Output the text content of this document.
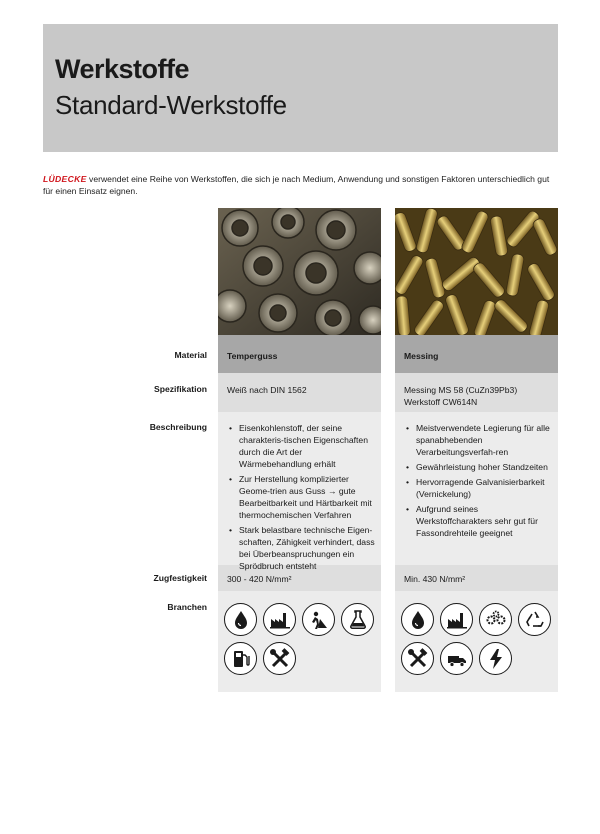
Werkstoffe
Standard-Werkstoffe
LÜDECKE verwendet eine Reihe von Werkstoffen, die sich je nach Medium, Anwendung und sonstigen Faktoren unterschiedlich gut für einen Einsatz eignen.
Material
Spezifikation
Beschreibung
Zugfestigkeit
Branchen
Temperguss
Weiß nach DIN 1562
• Eisenkohlenstoff, der seine charakteris-tischen Eigenschaften durch die Art der Wärmebehandlung erhält
• Zur Herstellung komplizierter Geome-trien aus Guss → gute Bearbeitbarkeit und Härtbarkeit mit thermochemischen Verfahren
• Stark belastbare technische Eigen-schaften, Zähigkeit verhindert, dass bei Überbeanspruchungen ein Sprödbruch entsteht
300 - 420 N/mm²
Messing
Messing MS 58 (CuZn39Pb3)
Werkstoff CW614N
• Meistverwendete Legierung für alle spanabhebenden Verarbeitungsverfah-ren
• Gewährleistung hoher Standzeiten
• Hervorragende Galvanisierbarkeit (Vernickelung)
• Aufgrund seines Werkstoffcharakters sehr gut für Fassondrehteile geeignet
Min. 430 N/mm²
